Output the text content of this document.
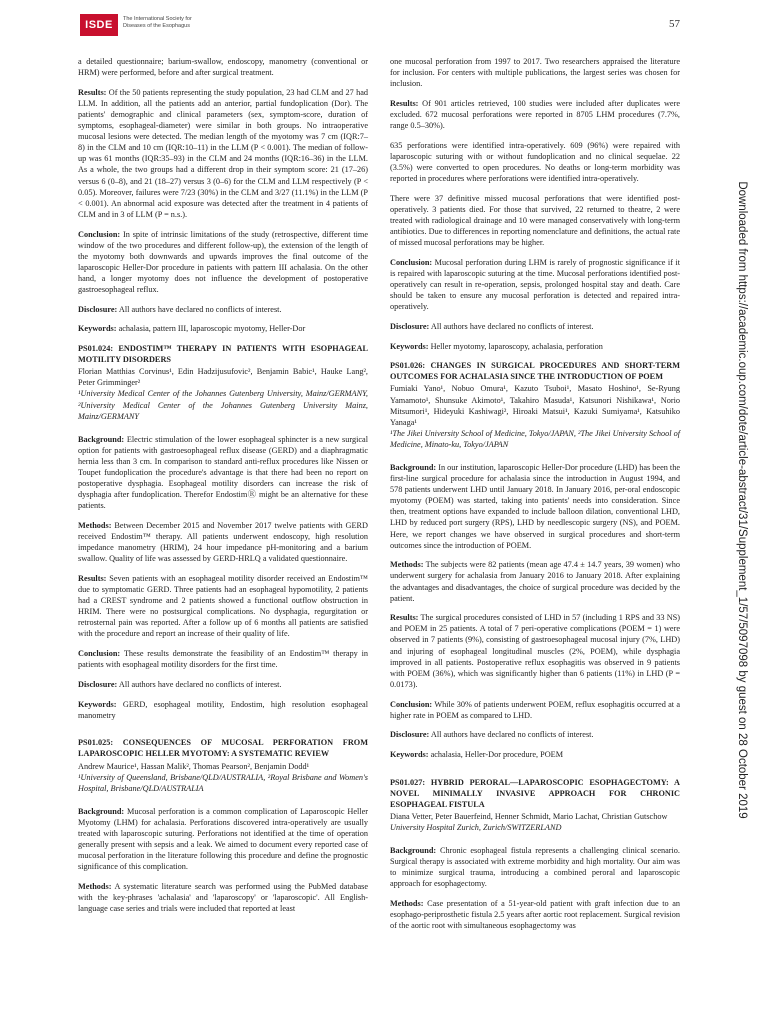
ISDE	The International Society for
Diseases of the Esophagus	57

a detailed questionnaire; barium-swallow, endoscopy, manometry (conventional or HRM) were performed, before and after surgical treatment.

Results: Of the 50 patients representing the study population, 23 had CLM and 27 had LLM. In addition, all the patients add an anterior, partial fundoplication (Dor). The patients' demographic and clinical parameters (sex, symptom-score, duration of symptoms, esophageal-diameter) were similar in both groups. No intraoperative mucosal lesions were detected. The median length of the myotomy was 7 cm (IQR:7–8) in the CLM and 10 cm (IQR:10–11) in the LLM (P < 0.001). The median of follow-up was 61 months (IQR:35–93) in the CLM and 24 months (IQR:16–36) in the LLM. As a whole, the two groups had a different drop in their symptom score: 21 (17–26) versus 6 (0–8), and 21 (18–27) versus 3 (0–6) for the CLM and LLM respectively (P < 0.05). Moreover, failures were 7/23 (30%) in the CLM and 3/27 (11.1%) in the LLM (P < 0.001). An abnormal acid exposure was detected after the treatment in 4 patients of CLM and in 3 of LLM (P = n.s.).

Conclusion: In spite of intrinsic limitations of the study (retrospective, different time window of the two procedures and different follow-up), the extension of the length of the myotomy both downwards and upwards improves the final outcome of the laparoscopic Heller-Dor procedure in patients with pattern III achalasia. On the other hand, a longer myotomy does not influence the development of postoperative gastroesophageal reflux.

Disclosure: All authors have declared no conflicts of interest.

Keywords: achalasia, pattern III, laparoscopic myotomy, Heller-Dor

PS01.024: ENDOSTIM™ THERAPY IN PATIENTS WITH ESOPHAGEAL MOTILITY DISORDERS
Florian Matthias Corvinus¹, Edin Hadzijusufovic², Benjamin Babic¹, Hauke Lang², Peter Grimminger²
¹University Medical Center of the Johannes Gutenberg University, Mainz/GERMANY, ²University Medical Center of the Johannes Gutenberg University Mainz, Mainz/GERMANY

Background: Electric stimulation of the lower esophageal sphincter is a new surgical option for patients with gastroesophageal reflux disease (GERD) and a diaphragmatic hernia less than 3 cm. In comparison to standard anti-reflux procedures like Nissen or Toupet fundoplication the procedure's advantage is that there had been no report on postoperative dysphagia. Esophageal motility disorders can increase the risk of dysphagia after fundoplication. Therefor EndostimⓇ might be an alternative for these patients.

Methods: Between December 2015 and November 2017 twelve patients with GERD received Endostim™ therapy. All patients underwent endoscopy, high resolution impedance manometry (HRIM), 24 hour impedance pH-monitoring and a barium swallow. Quality of life was assessed by GERD-HRLQ a validated questionnaire.

Results: Seven patients with an esophageal motility disorder received an Endostim™ due to symptomatic GERD. Three patients had an esophageal hypomotility, 2 patients had a CREST syndrome and 2 patients showed a functional outflow obstruction in HRIM. There were no postsurgical complications. No dysphagia, regurgitation or retrosternal pain was reported. After a follow up of 6 months all patients are satisfied with the procedure and report an increase of their quality of life.

Conclusion: These results demonstrate the feasibility of an Endostim™ therapy in patients with esophageal motility disorders for the first time.

Disclosure: All authors have declared no conflicts of interest.

Keywords: GERD, esophageal motility, Endostim, high resolution esophageal manometry

PS01.025: CONSEQUENCES OF MUCOSAL PERFORATION FROM LAPAROSCOPIC HELLER MYOTOMY: A SYSTEMATIC REVIEW
Andrew Maurice¹, Hassan Malik², Thomas Pearson², Benjamin Dodd¹
¹University of Queensland, Brisbane/QLD/AUSTRALIA, ²Royal Brisbane and Women's Hospital, Brisbane/QLD/AUSTRALIA

Background: Mucosal perforation is a common complication of Laparoscopic Heller Myotomy (LHM) for achalasia. Perforations discovered intra-operatively are usually treated with laparoscopic suturing. Perforations not identified at the time of operation generally present with sepsis and a leak. We aimed to document every reported case of mucosal perforation in the literature following this procedure and define the prognostic significance of this complication.

Methods: A systematic literature search was performed using the PubMed database with the key-phrases 'achalasia' and 'laparoscopy' or 'laparoscopic'. All English-language case series and trials were included that reported at least

one mucosal perforation from 1997 to 2017. Two researchers appraised the literature for inclusion. For centers with multiple publications, the largest series was chosen for inclusion.

Results: Of 901 articles retrieved, 100 studies were included after duplicates were excluded. 672 mucosal perforations were reported in 8705 LHM procedures (7.7%, range 0.5–30%).

635 perforations were identified intra-operatively. 609 (96%) were repaired with laparoscopic suturing with or without fundoplication and no clinical sequelae. 22 (3.5%) were converted to open procedures. No deaths or long-term morbidity was reported in procedures where perforations were identified intra-operatively.

There were 37 definitive missed mucosal perforations that were identified post-operatively. 3 patients died. For those that survived, 22 returned to theatre, 2 were treated with radiological drainage and 10 were managed conservatively with long-term antibiotics. Due to differences in reporting nomenclature and definitions, the actual rate of missed mucosal perforations may be higher.

Conclusion: Mucosal perforation during LHM is rarely of prognostic significance if it is repaired with laparoscopic suturing at the time. Mucosal perforations identified post-operatively can result in re-operation, sepsis, prolonged hospital stay and death. Care should be taken to ensure any mucosal perforation is detected and repaired intra-operatively.

Disclosure: All authors have declared no conflicts of interest.

Keywords: Heller myotomy, laparoscopy, achalasia, perforation

PS01.026: CHANGES IN SURGICAL PROCEDURES AND SHORT-TERM OUTCOMES FOR ACHALASIA SINCE THE INTRODUCTION OF POEM
Fumiaki Yano¹, Nobuo Omura¹, Kazuto Tsuboi¹, Masato Hoshino¹, Se-Ryung Yamamoto¹, Shunsuke Akimoto¹, Takahiro Masuda¹, Katsunori Nishikawa¹, Norio Mitsumori¹, Hideyuki Kashiwagi², Hiroaki Matsui¹, Kazuki Sumiyama¹, Katsuhiko Yanaga¹
¹The Jikei University School of Medicine, Tokyo/JAPAN, ²The Jikei University School of Medicine, Minato-ku, Tokyo/JAPAN

Background: In our institution, laparoscopic Heller-Dor procedure (LHD) has been the first-line surgical procedure for achalasia since the introduction in August 1994, and 578 patients underwent LHD until January 2018. In January 2016, per-oral endoscopic myotomy (POEM) was started, taking into patients' needs into consideration. Since then, treatment options have expanded to include balloon dilation, conventional LHD, LHD by reduced port surgery (RPS), LHD by needlescopic surgery (NS), and POEM. Here, we report changes we have observed in surgical procedures and short-term outcomes since the introduction of POEM.

Methods: The subjects were 82 patients (mean age 47.4 ± 14.7 years, 39 women) who underwent surgery for achalasia from January 2016 to January 2018. After explaining the advantages and disadvantages, the choice of surgical procedure was decided by the patient.

Results: The surgical procedures consisted of LHD in 57 (including 1 RPS and 33 NS) and POEM in 25 patients. A total of 7 peri-operative complications (POEM = 1) were observed in 7 patients (9%), consisting of gastroesophageal mucosal injury (7%, LHD) and injuring of esophageal longitudinal muscles (2%, POEM), while dysphagia improved in all patients. Postoperative reflux esophagitis was observed in 9 patients with POEM (36%), which was significantly higher than 6 patients (11%) in LHD (P = 0.0173).

Conclusion: While 30% of patients underwent POEM, reflux esophagitis occurred at a higher rate in POEM as compared to LHD.

Disclosure: All authors have declared no conflicts of interest.

Keywords: achalasia, Heller-Dor procedure, POEM

PS01.027: HYBRID PERORAL—LAPAROSCOPIC ESOPHAGECTOMY: A NOVEL MINIMALLY INVASIVE APPROACH FOR CHRONIC ESOPHAGEAL FISTULA
Diana Vetter, Peter Bauerfeind, Henner Schmidt, Mario Lachat, Christian Gutschow
University Hospital Zurich, Zurich/SWITZERLAND

Background: Chronic esophageal fistula represents a challenging clinical scenario. Surgical therapy is associated with extreme morbidity and high mortality. Our aim was to minimize surgical trauma, introducing a combined peroral and laparoscopic approach for esophagectomy.

Methods: Case presentation of a 51-year-old patient with graft infection due to an esophago-periprosthetic fistula 2.5 years after aortic root replacement. Surgical revision of the aortic root with simultaneous esophagectomy was

Downloaded from https://academic.oup.com/dote/article-abstract/31/Supplement_1/57/5097098 by guest on 28 October 2019
